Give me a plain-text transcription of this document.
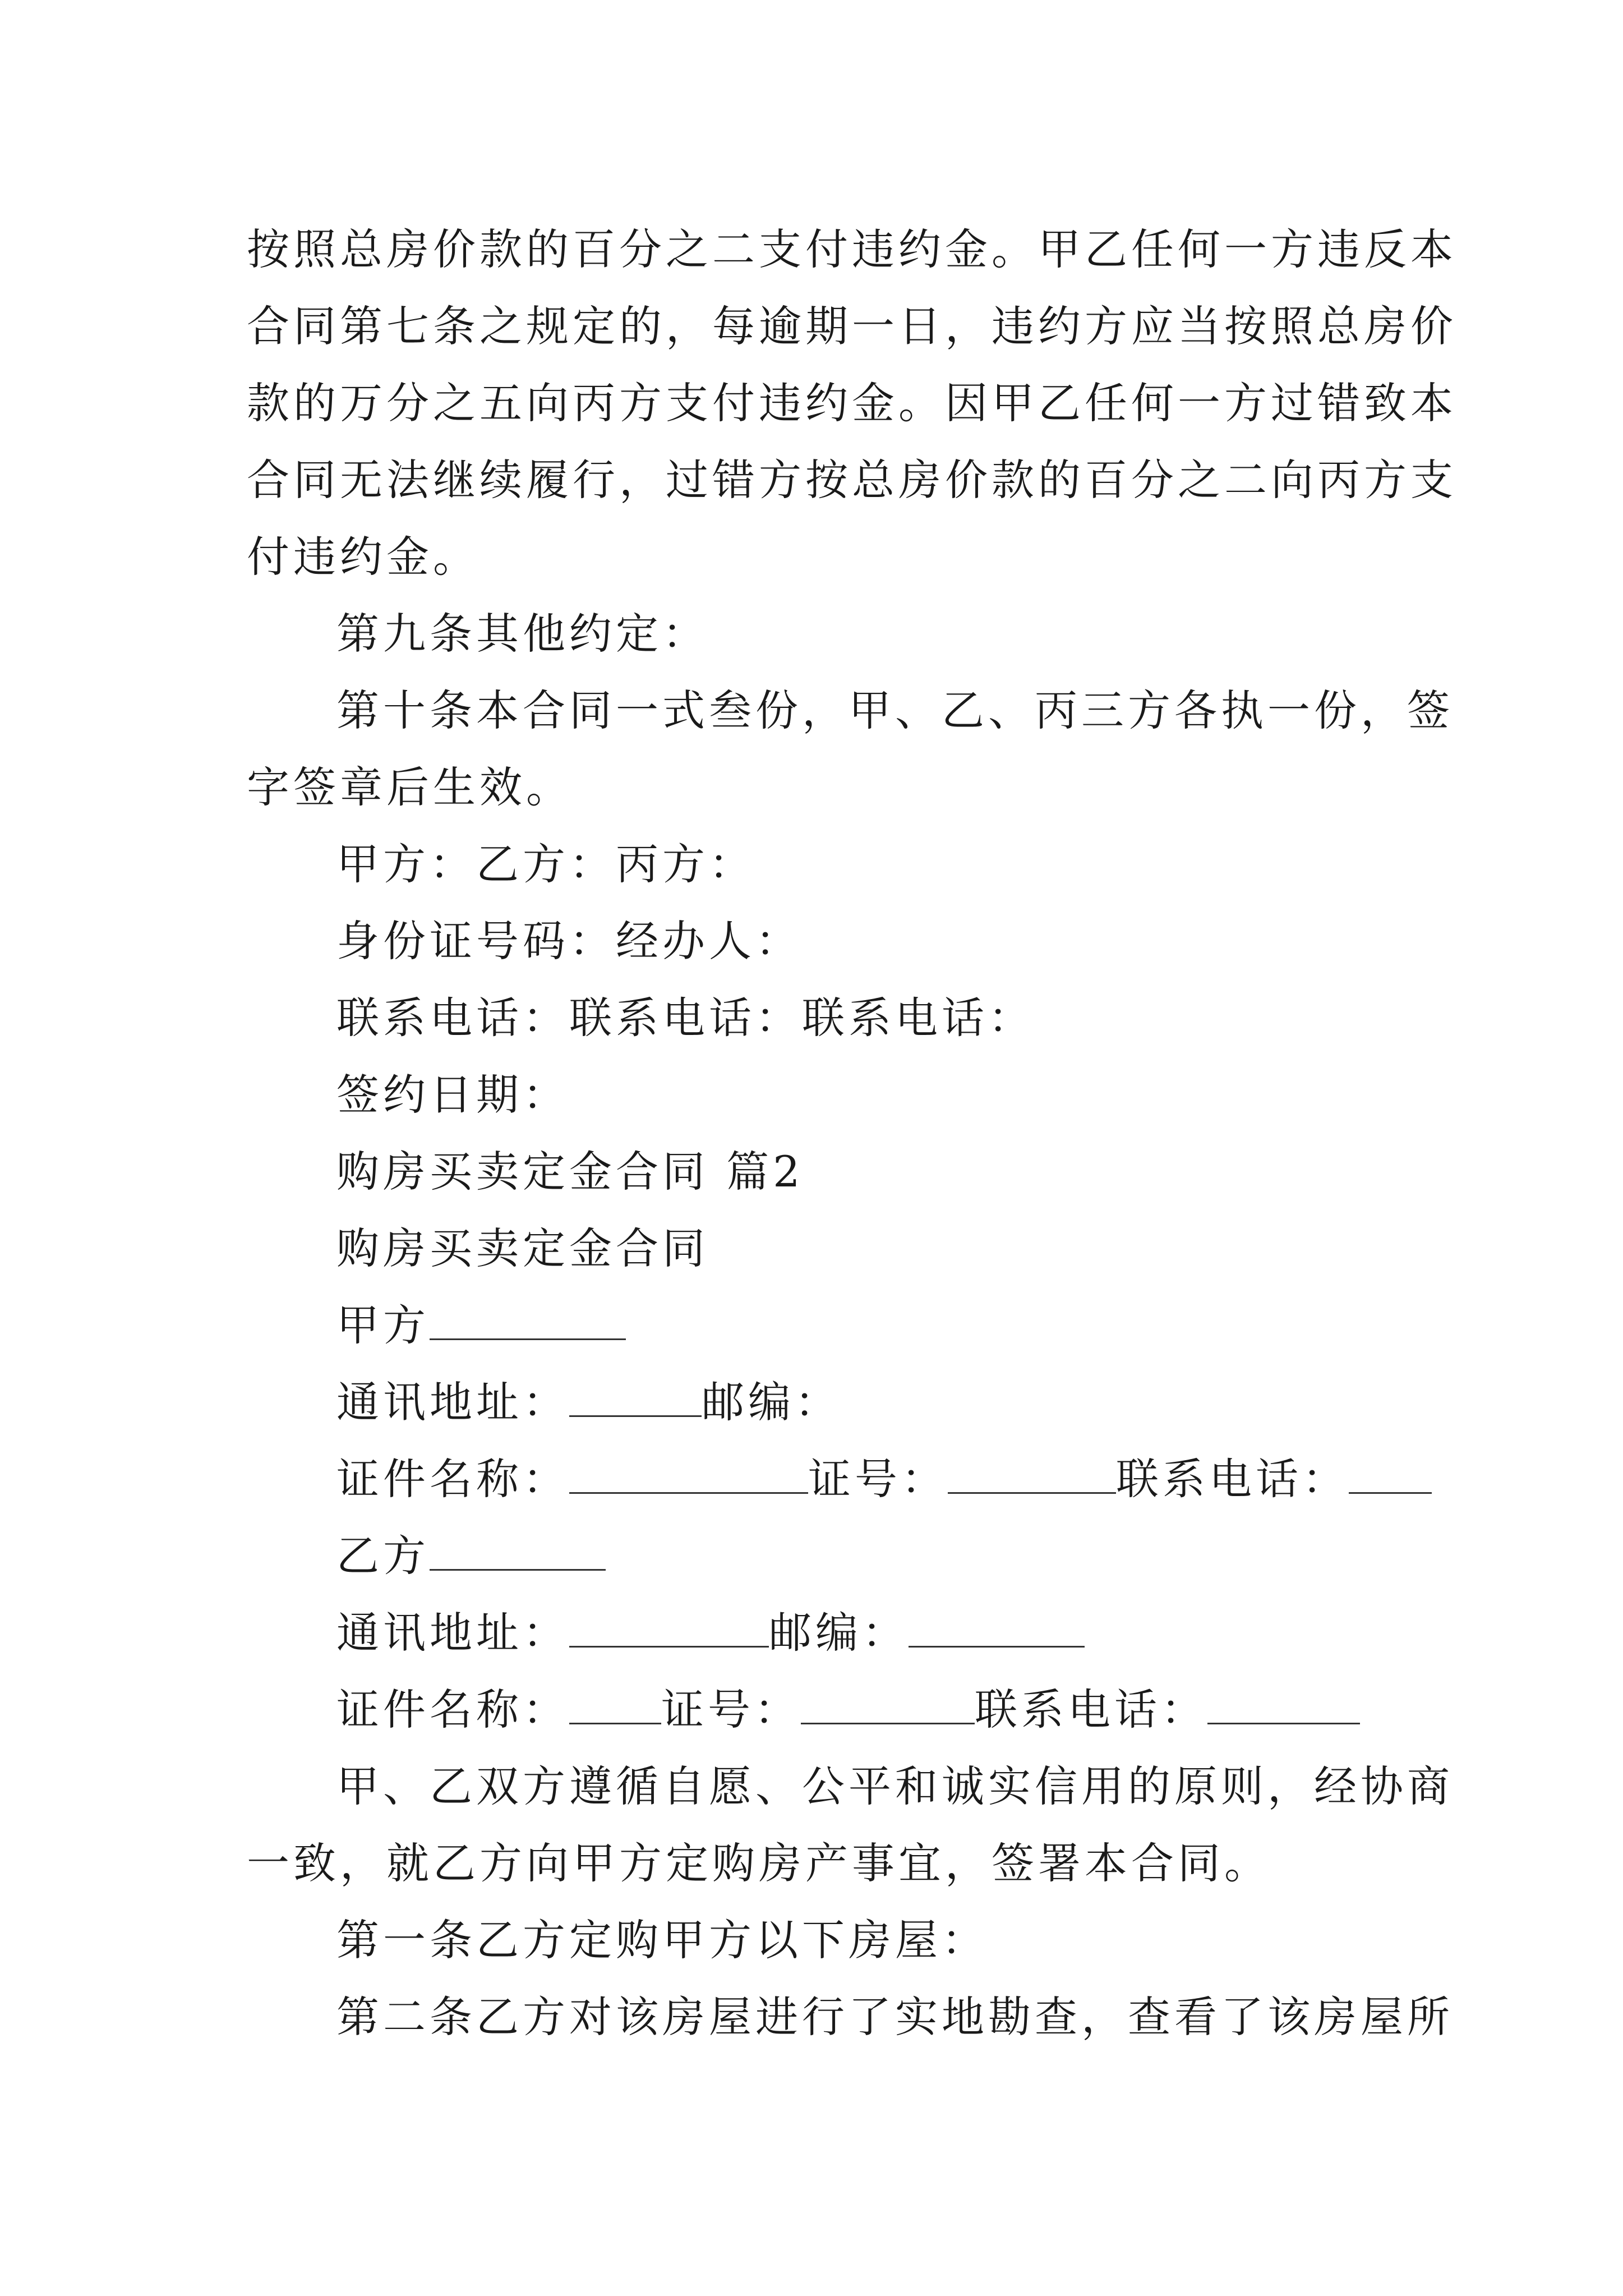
按照总房价款的百分之二支付违约金。甲乙任何一方违反本

合同第七条之规定的，每逾期一日，违约方应当按照总房价

款的万分之五向丙方支付违约金。因甲乙任何一方过错致本

合同无法继续履行，过错方按总房价款的百分之二向丙方支

付违约金。

第九条其他约定：

第十条本合同一式叁份，甲、乙、丙三方各执一份，签

字签章后生效。

甲方：乙方：丙方：

身份证号码：经办人：

联系电话：联系电话：联系电话：

签约日期：

购房买卖定金合同 篇2

购房买卖定金合同

甲方

通讯地址：	邮编：

证件名称：	证号：	联系电话：

乙方

通讯地址：	邮编：

证件名称： 证号：	联系电话：

甲、乙双方遵循自愿、公平和诚实信用的原则，经协商

一致，就乙方向甲方定购房产事宜，签署本合同。

第一条乙方定购甲方以下房屋：

第二条乙方对该房屋进行了实地勘查，查看了该房屋所
